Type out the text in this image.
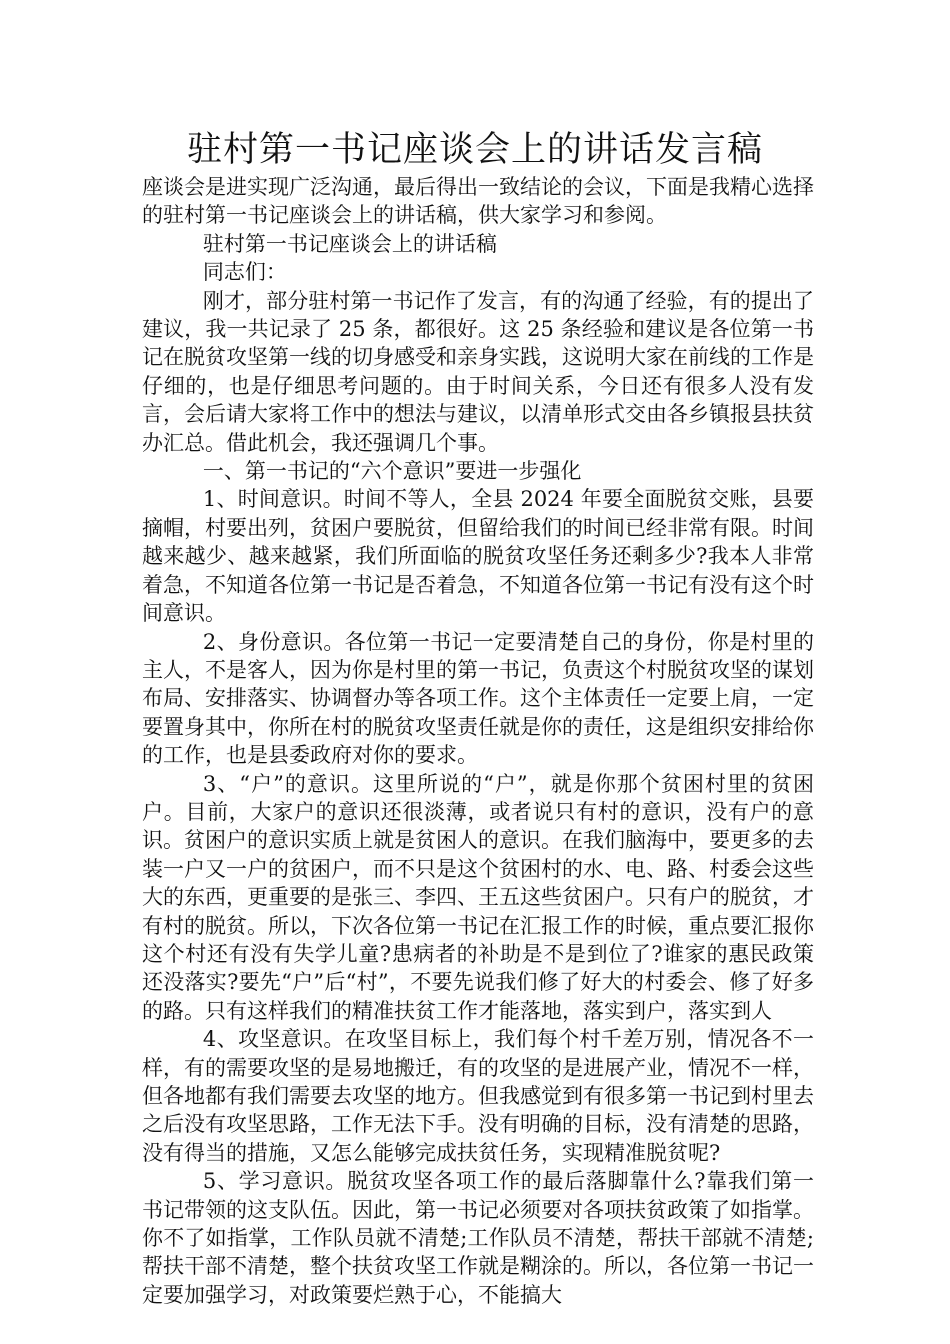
驻村第一书记座谈会上的讲话发言稿

座谈会是进实现广泛沟通，最后得出一致结论的会议，下面是我精心选择的驻村第一书记座谈会上的讲话稿，供大家学习和参阅。

驻村第一书记座谈会上的讲话稿

同志们：

刚才，部分驻村第一书记作了发言，有的沟通了经验，有的提出了建议，我一共记录了 25 条，都很好。这 25 条经验和建议是各位第一书记在脱贫攻坚第一线的切身感受和亲身实践，这说明大家在前线的工作是仔细的，也是仔细思考问题的。由于时间关系，今日还有很多人没有发言，会后请大家将工作中的想法与建议，以清单形式交由各乡镇报县扶贫办汇总。借此机会，我还强调几个事。

一、第一书记的“六个意识”要进一步强化

1、时间意识。时间不等人，全县 2024 年要全面脱贫交账，县要摘帽，村要出列，贫困户要脱贫，但留给我们的时间已经非常有限。时间越来越少、越来越紧，我们所面临的脱贫攻坚任务还剩多少?我本人非常着急，不知道各位第一书记是否着急，不知道各位第一书记有没有这个时间意识。

2、身份意识。各位第一书记一定要清楚自己的身份，你是村里的主人，不是客人，因为你是村里的第一书记，负责这个村脱贫攻坚的谋划布局、安排落实、协调督办等各项工作。这个主体责任一定要上肩，一定要置身其中，你所在村的脱贫攻坚责任就是你的责任，这是组织安排给你的工作，也是县委政府对你的要求。

3、“户”的意识。这里所说的“户”，就是你那个贫困村里的贫困户。目前，大家户的意识还很淡薄，或者说只有村的意识，没有户的意识。贫困户的意识实质上就是贫困人的意识。在我们脑海中，要更多的去装一户又一户的贫困户，而不只是这个贫困村的水、电、路、村委会这些大的东西，更重要的是张三、李四、王五这些贫困户。只有户的脱贫，才有村的脱贫。所以，下次各位第一书记在汇报工作的时候，重点要汇报你这个村还有没有失学儿童?患病者的补助是不是到位了?谁家的惠民政策还没落实?要先“户”后“村”，不要先说我们修了好大的村委会、修了好多的路。只有这样我们的精准扶贫工作才能落地，落实到户，落实到人

4、攻坚意识。在攻坚目标上，我们每个村千差万别，情况各不一样，有的需要攻坚的是易地搬迁，有的攻坚的是进展产业，情况不一样，但各地都有我们需要去攻坚的地方。但我感觉到有很多第一书记到村里去之后没有攻坚思路，工作无法下手。没有明确的目标，没有清楚的思路，没有得当的措施，又怎么能够完成扶贫任务，实现精准脱贫呢?

5、学习意识。脱贫攻坚各项工作的最后落脚靠什么?靠我们第一书记带领的这支队伍。因此，第一书记必须要对各项扶贫政策了如指掌。你不了如指掌，工作队员就不清楚;工作队员不清楚，帮扶干部就不清楚;帮扶干部不清楚，整个扶贫攻坚工作就是糊涂的。所以，各位第一书记一定要加强学习，对政策要烂熟于心，不能搞大
